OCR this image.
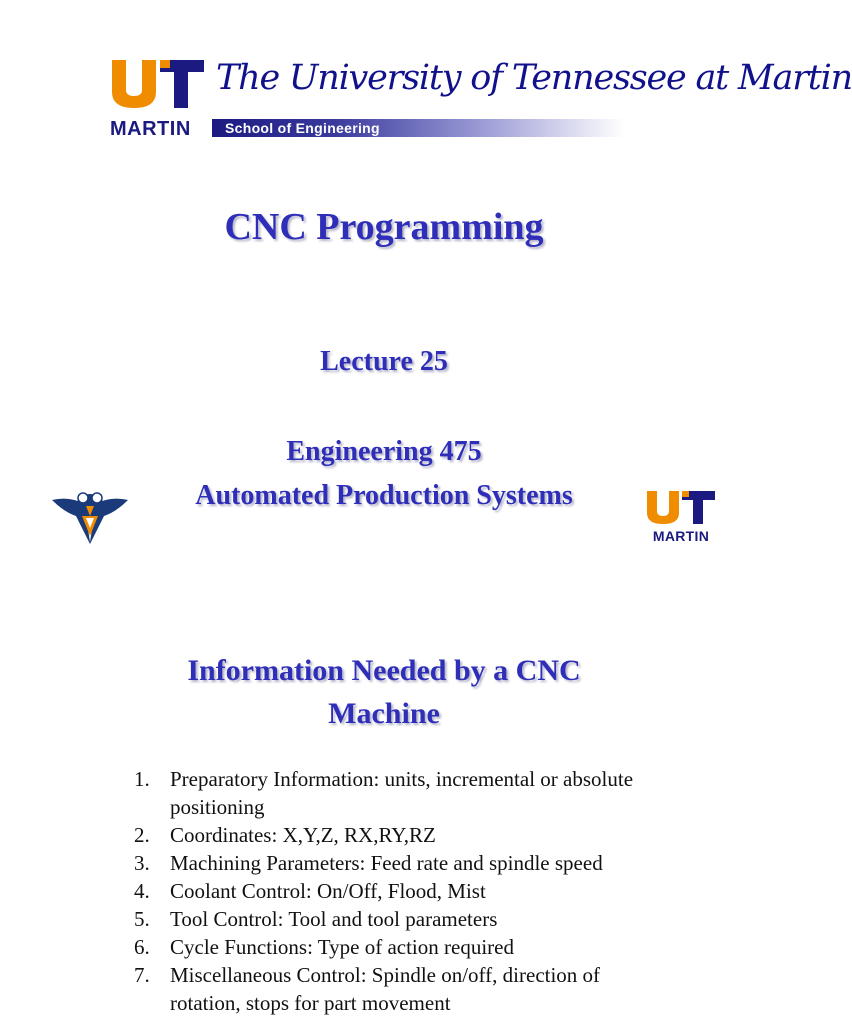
The University of Tennessee at Martin
MARTIN School of Engineering
CNC Programming
Lecture 25
Engineering 475
Automated Production Systems
MARTIN
Information Needed by a CNC
Machine
1. Preparatory Information: units, incremental or absolute positioning
2. Coordinates: X,Y,Z, RX,RY,RZ
3. Machining Parameters: Feed rate and spindle speed
4. Coolant Control: On/Off, Flood, Mist
5. Tool Control: Tool and tool parameters
6. Cycle Functions: Type of action required
7. Miscellaneous Control: Spindle on/off, direction of rotation, stops for part movement
